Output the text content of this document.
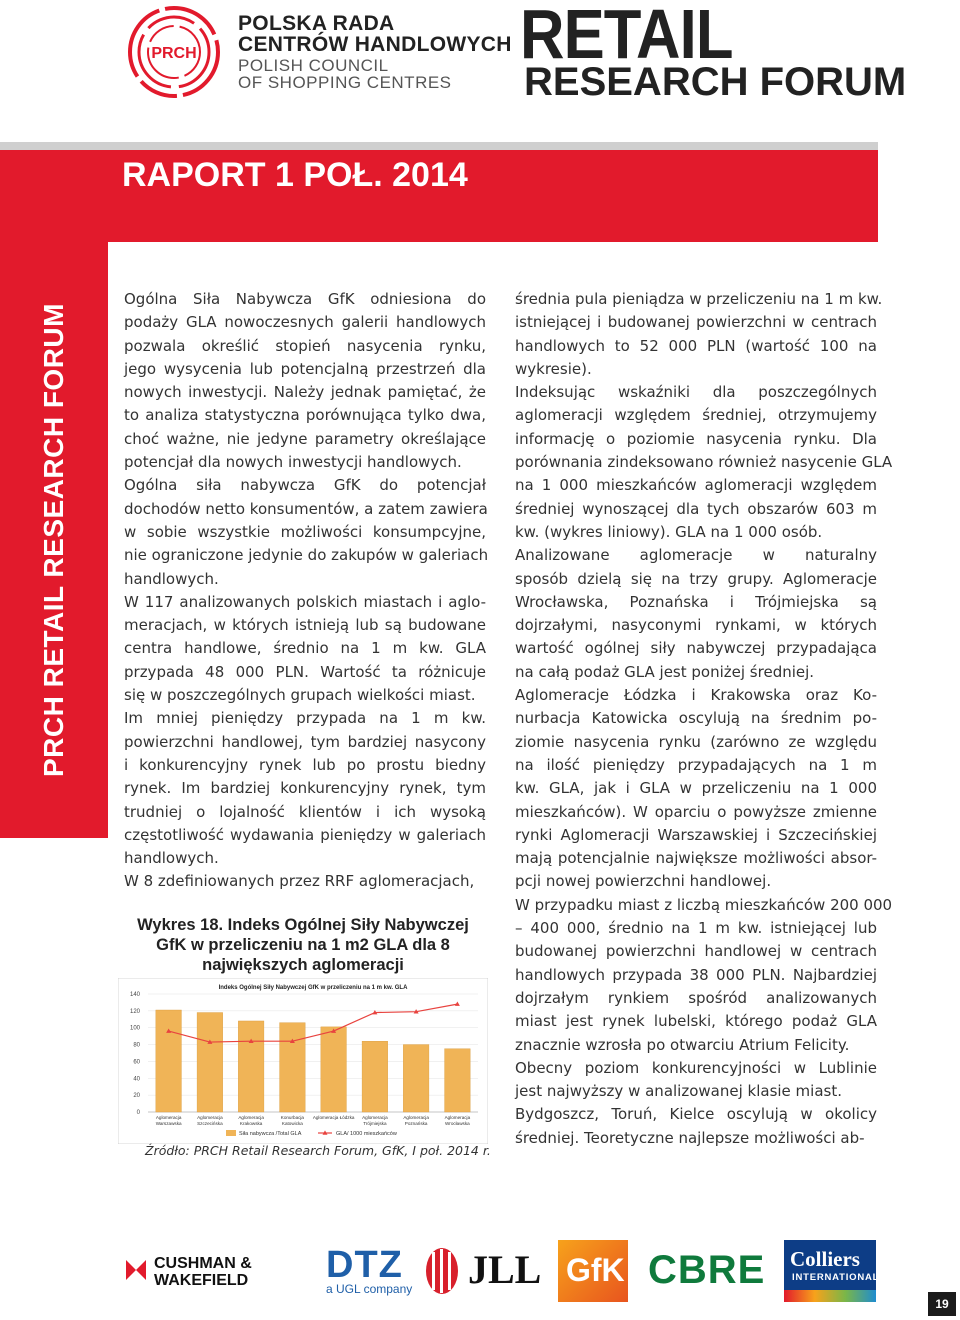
PRCH
POLSKA RADA
CENTRÓW HANDLOWYCH
POLISH COUNCIL
OF SHOPPING CENTRES
RETAIL
RESEARCH FORUM
RAPORT 1 POŁ. 2014
PRCH RETAIL RESEARCH FORUM
Ogólna Siła Nabywcza GfK odniesiona do
podaży GLA nowoczesnych galerii handlowych
pozwala określić stopień nasycenia rynku,
jego wysycenia lub potencjalną przestrzeń dla
nowych inwestycji. Należy jednak pamiętać, że
to analiza statystyczna porównująca tylko dwa,
choć ważne, nie jedyne parametry określające
potencjał dla nowych inwestycji handlowych.
Ogólna siła nabywcza GfK do potencjał
dochodów netto konsumentów, a zatem zawiera
w sobie wszystkie możliwości konsumpcyjne,
nie ograniczone jedynie do zakupów w galeriach
handlowych.
W 117 analizowanych polskich miastach i aglo-
meracjach, w których istnieją lub są budowane
centra handlowe, średnio na 1 m kw. GLA
przypada 48 000 PLN. Wartość ta różnicuje
się w poszczególnych grupach wielkości miast.
Im mniej pieniędzy przypada na 1 m kw.
powierzchni handlowej, tym bardziej nasycony
i konkurencyjny rynek lub po prostu biedny
rynek. Im bardziej konkurencyjny rynek, tym
trudniej o lojalność klientów i ich wysoką
częstotliwość wydawania pieniędzy w galeriach
handlowych.
W 8 zdefiniowanych przez RRF aglomeracjach,
średnia pula pieniądza w przeliczeniu na 1 m kw.
istniejącej i budowanej powierzchni w centrach
handlowych to 52 000 PLN (wartość 100 na
wykresie).
Indeksując wskaźniki dla poszczególnych
aglomeracji względem średniej, otrzymujemy
informację o poziomie nasycenia rynku. Dla
porównania zindeksowano również nasycenie GLA
na 1 000 mieszkańców aglomeracji względem
średniej wynoszącej dla tych obszarów 603 m
kw. (wykres liniowy). GLA na 1 000 osób.
Analizowane aglomeracje w naturalny
sposób dzielą się na trzy grupy. Aglomeracje
Wrocławska, Poznańska i Trójmiejska są
dojrzałymi, nasyconymi rynkami, w których
wartość ogólnej siły nabywczej przypadająca
na całą podaż GLA jest poniżej średniej.
Aglomeracje Łódzka i Krakowska oraz Ko-
nurbacja Katowicka oscylują na średnim po-
ziomie nasycenia rynku (zarówno ze względu
na ilość pieniędzy przypadających na 1 m
kw. GLA, jak i GLA w przeliczeniu na 1 000
mieszkańców). W oparciu o powyższe zmienne
rynki Aglomeracji Warszawskiej i Szczecińskiej
mają potencjalnie największe możliwości absor-
pcji nowej powierzchni handlowej.
W przypadku miast z liczbą mieszkańców 200 000
– 400 000, średnio na 1 m kw. istniejącej lub
budowanej powierzchni handlowej w centrach
handlowych przypada 38 000 PLN. Najbardziej
dojrzałym rynkiem spośród analizowanych
miast jest rynek lubelski, którego podaż GLA
znacznie wzrosła po otwarciu Atrium Felicity.
Obecny poziom konkurencyjności w Lublinie
jest najwyższy w analizowanej klasie miast.
Bydgoszcz, Toruń, Kielce oscylują w okolicy
średniej. Teoretyczne najlepsze możliwości ab-
Wykres 18. Indeks Ogólnej Siły Nabywczej
GfK w przeliczeniu na 1 m2 GLA dla 8
największych aglomeracji
Indeks Ogólnej Siły Nabywczej GfK w przeliczeniu na 1 m kw. GLA
0
20
40
60
80
100
120
140
Aglomeracja
Warszawska
Aglomeracja
Szczecińska
Aglomeracja
Krakowska
Konurbacja
Katowicka
Aglomeracja Łódzka Aglomeracja
Trójmiejska
Aglomeracja
Poznańska
Aglomeracja
Wrocławska
Siła nabywcza /Total GLA	GLA/ 1000 mieszkańców
Źródło: PRCH Retail Research Forum, GfK, I poł. 2014 r.
CUSHMAN &
WAKEFIELD DTZ
a UGL company JLL GfK CBRE Colliers
INTERNATIONAL
19
